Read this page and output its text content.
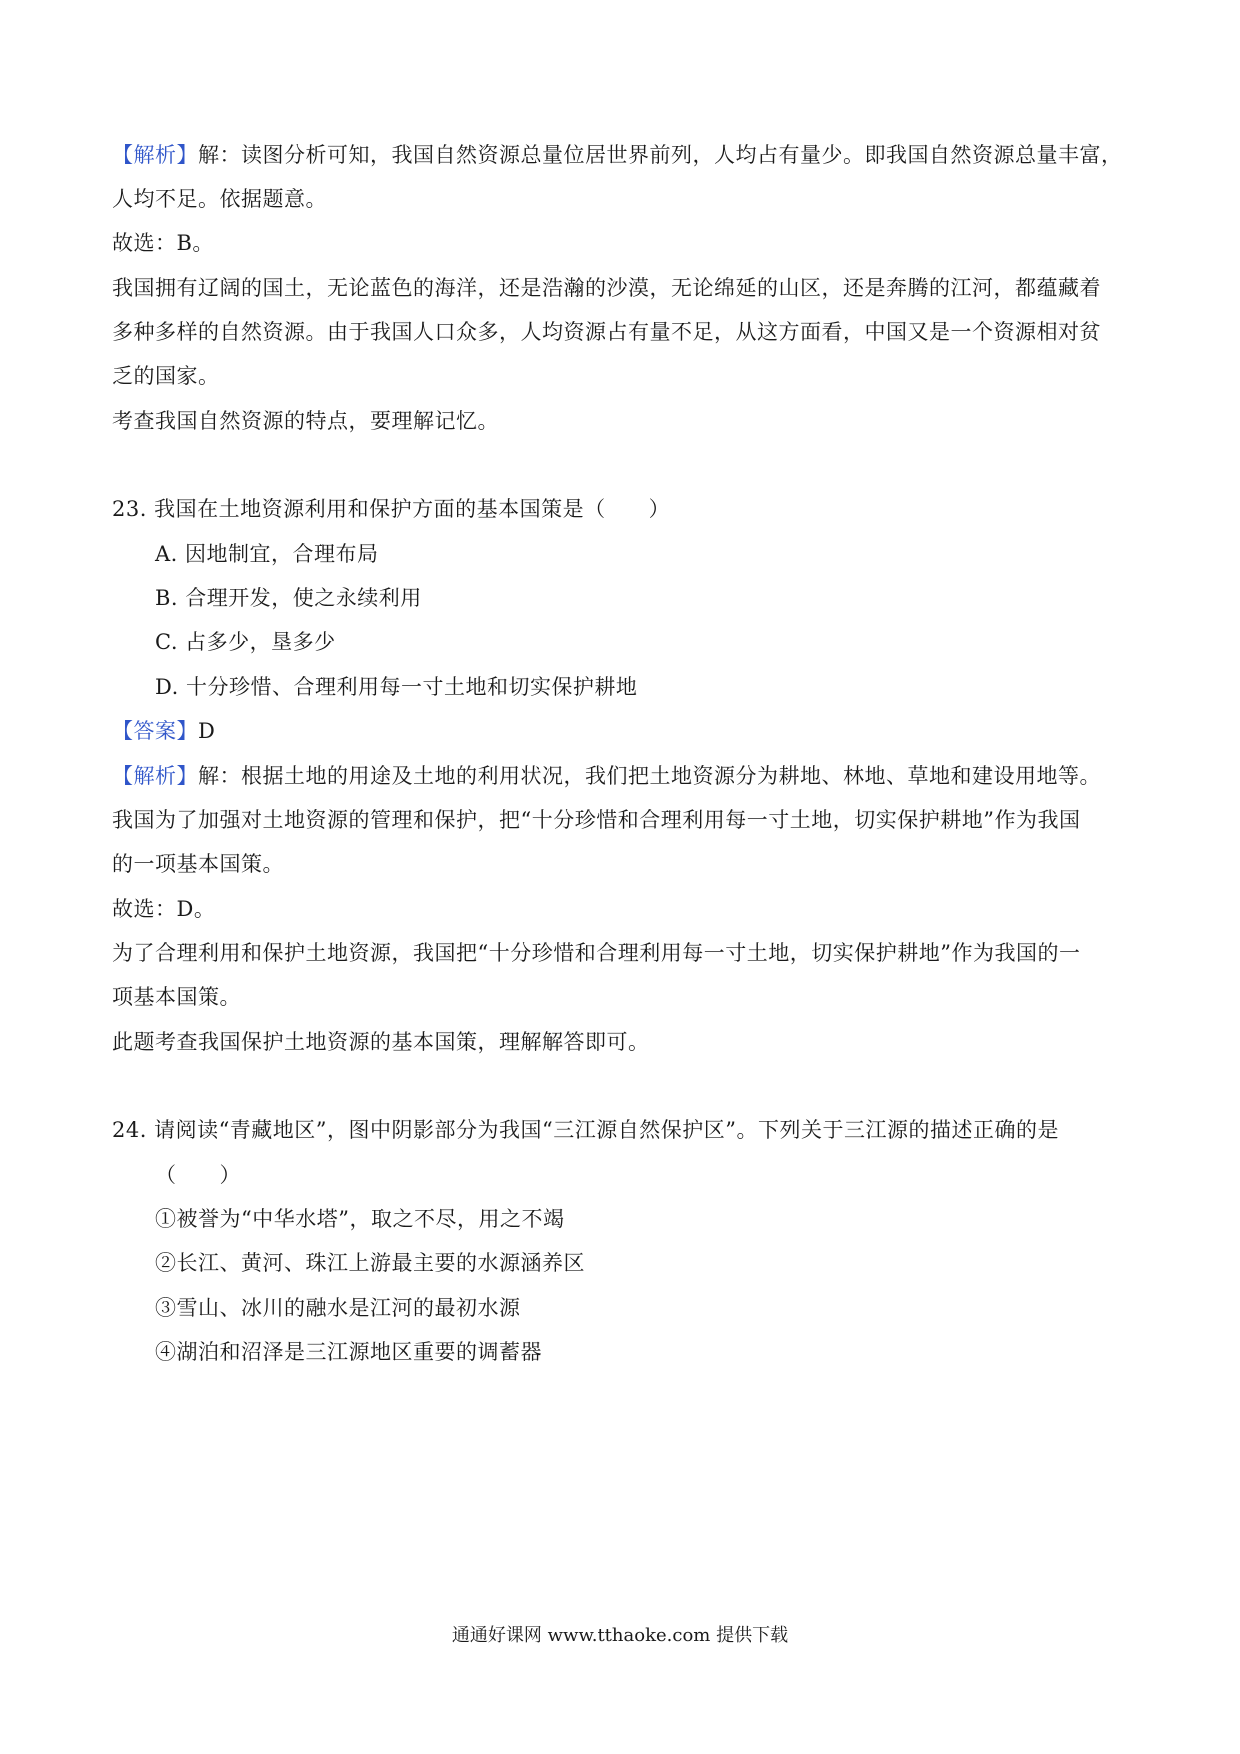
【解析】解：读图分析可知，我国自然资源总量位居世界前列，人均占有量少。即我国自然资源总量丰富，
人均不足。依据题意。
故选：B。
我国拥有辽阔的国土，无论蓝色的海洋，还是浩瀚的沙漠，无论绵延的山区，还是奔腾的江河，都蕴藏着
多种多样的自然资源。由于我国人口众多，人均资源占有量不足，从这方面看，中国又是一个资源相对贫
乏的国家。
考查我国自然资源的特点，要理解记忆。
23. 我国在土地资源利用和保护方面的基本国策是（　　）
A. 因地制宜，合理布局
B. 合理开发，使之永续利用
C. 占多少，垦多少
D. 十分珍惜、合理利用每一寸土地和切实保护耕地
【答案】D
【解析】解：根据土地的用途及土地的利用状况，我们把土地资源分为耕地、林地、草地和建设用地等。
我国为了加强对土地资源的管理和保护，把“十分珍惜和合理利用每一寸土地，切实保护耕地”作为我国
的一项基本国策。
故选：D。
为了合理利用和保护土地资源，我国把“十分珍惜和合理利用每一寸土地，切实保护耕地”作为我国的一
项基本国策。
此题考查我国保护土地资源的基本国策，理解解答即可。
24. 请阅读“青藏地区”，图中阴影部分为我国“三江源自然保护区”。下列关于三江源的描述正确的是
（　　）
①被誉为“中华水塔”，取之不尽，用之不竭
②长江、黄河、珠江上游最主要的水源涵养区
③雪山、冰川的融水是江河的最初水源
④湖泊和沼泽是三江源地区重要的调蓄器
通通好课网 www.tthaoke.com 提供下载
